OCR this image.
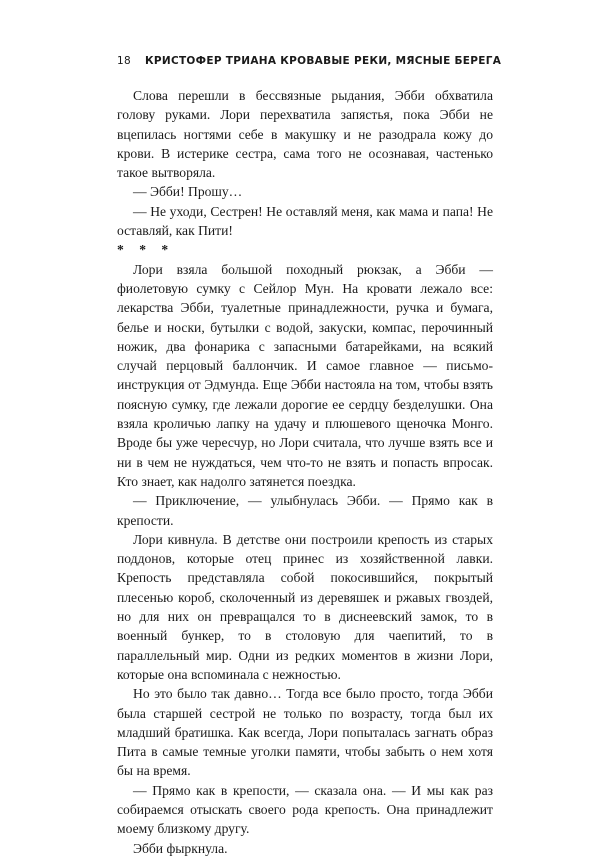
18 КРИСТОФЕР ТРИАНА КРОВАВЫЕ РЕКИ, МЯСНЫЕ БЕРЕГА

Слова перешли в бессвязные рыдания, Эбби обхватила голову руками. Лори перехватила запястья, пока Эбби не вцепилась ногтями себе в макушку и не разодрала кожу до крови. В истерике сестра, сама того не осознавая, частенько такое вытворяла.

— Эбби! Прошу…

— Не уходи, Сестрен! Не оставляй меня, как мама и папа! Не оставляй, как Пити!

* * *

Лори взяла большой походный рюкзак, а Эбби — фиолетовую сумку с Сейлор Мун. На кровати лежало все: лекарства Эбби, туалетные принадлежности, ручка и бумага, белье и носки, бутылки с водой, закуски, компас, перочинный ножик, два фонарика с запасными батарейками, на всякий случай перцовый баллончик. И самое главное — письмо-инструкция от Эдмунда. Еще Эбби настояла на том, чтобы взять поясную сумку, где лежали дорогие ее сердцу безделушки. Она взяла кроличью лапку на удачу и плюшевого щеночка Монго. Вроде бы уже чересчур, но Лори считала, что лучше взять все и ни в чем не нуждаться, чем что-то не взять и попасть впросак. Кто знает, как надолго затянется поездка.

— Приключение, — улыбнулась Эбби. — Прямо как в крепости.

Лори кивнула. В детстве они построили крепость из старых поддонов, которые отец принес из хозяйственной лавки. Крепость представляла собой покосившийся, покрытый плесенью короб, сколоченный из деревяшек и ржавых гвоздей, но для них он превращался то в диснеевский замок, то в военный бункер, то в столовую для чаепитий, то в параллельный мир. Одни из редких моментов в жизни Лори, которые она вспоминала с нежностью.

Но это было так давно… Тогда все было просто, тогда Эбби была старшей сестрой не только по возрасту, тогда был их младший братишка. Как всегда, Лори попыталась загнать образ Пита в самые темные уголки памяти, чтобы забыть о нем хотя бы на время.

— Прямо как в крепости, — сказала она. — И мы как раз собираемся отыскать своего рода крепость. Она принадлежит моему близкому другу.

Эбби фыркнула.
